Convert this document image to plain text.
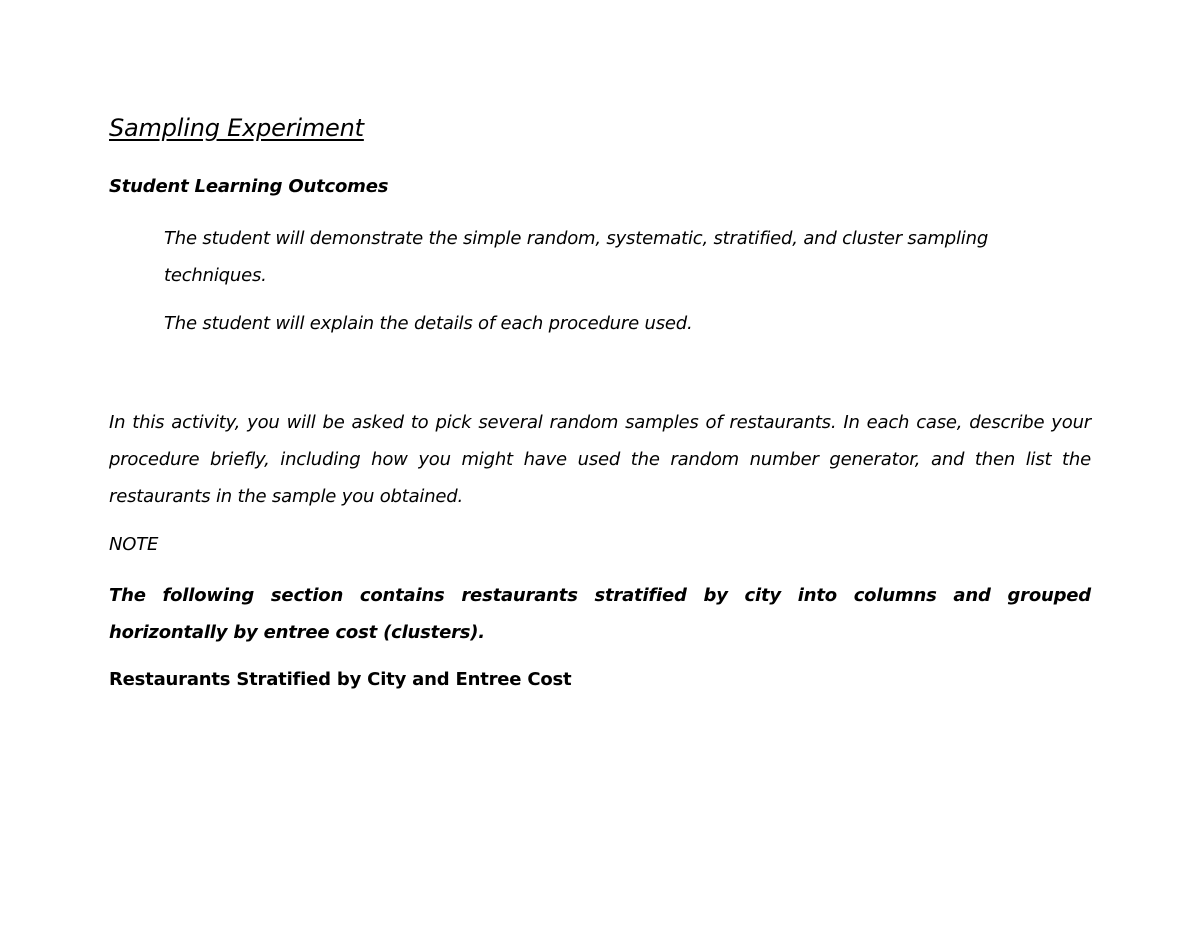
Sampling Experiment
Student Learning Outcomes
The student will demonstrate the simple random, systematic, stratified, and cluster sampling techniques.
The student will explain the details of each procedure used.
In this activity, you will be asked to pick several random samples of restaurants. In each case, describe your procedure briefly, including how you might have used the random number generator, and then list the restaurants in the sample you obtained.
NOTE
The following section contains restaurants stratified by city into columns and grouped horizontally by entree cost (clusters).
Restaurants Stratified by City and Entree Cost
